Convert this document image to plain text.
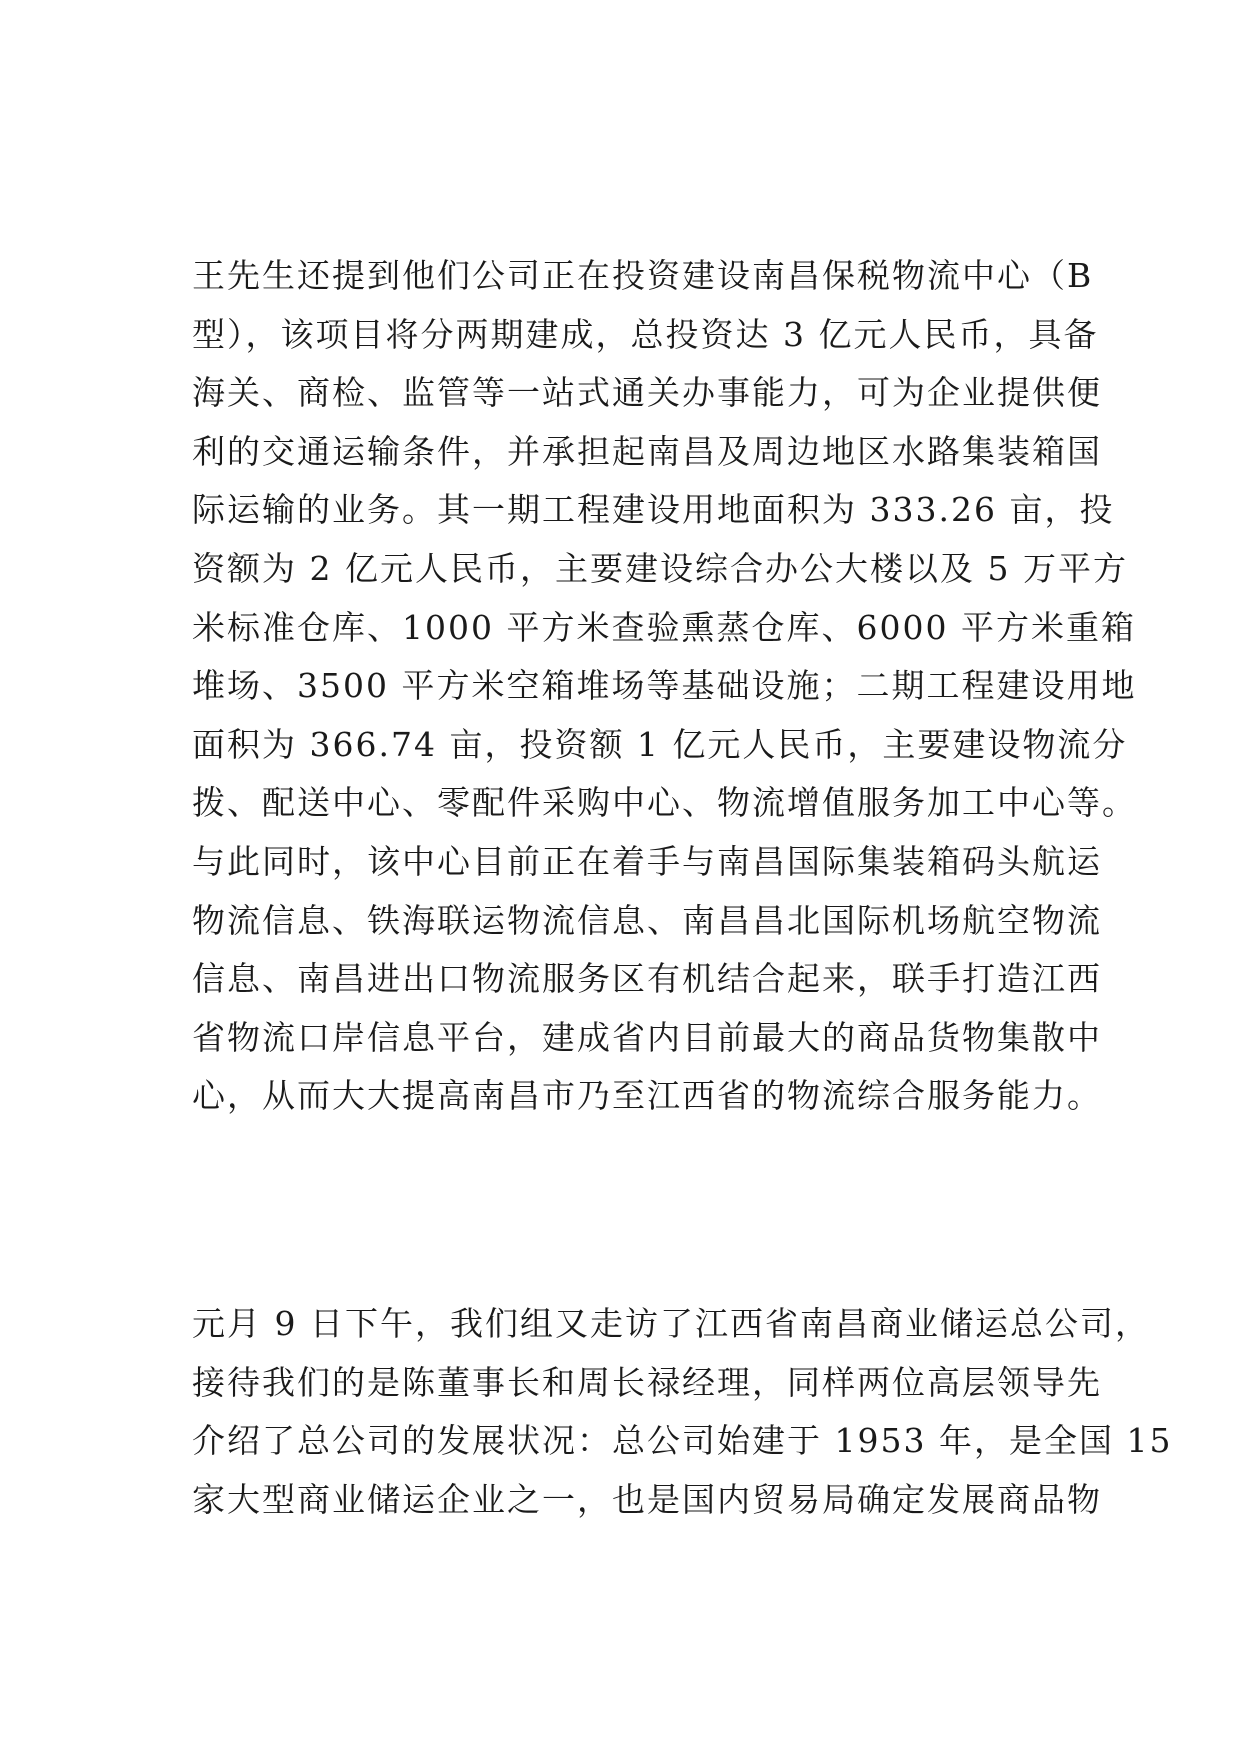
王先生还提到他们公司正在投资建设南昌保税物流中心（B
型），该项目将分两期建成，总投资达 3 亿元人民币，具备
海关、商检、监管等一站式通关办事能力，可为企业提供便
利的交通运输条件，并承担起南昌及周边地区水路集装箱国
际运输的业务。其一期工程建设用地面积为 333.26 亩，投
资额为 2 亿元人民币，主要建设综合办公大楼以及 5 万平方
米标准仓库、1000 平方米查验熏蒸仓库、6000 平方米重箱
堆场、3500 平方米空箱堆场等基础设施；二期工程建设用地
面积为 366.74 亩，投资额 1 亿元人民币，主要建设物流分
拨、配送中心、零配件采购中心、物流增值服务加工中心等。
与此同时，该中心目前正在着手与南昌国际集装箱码头航运
物流信息、铁海联运物流信息、南昌昌北国际机场航空物流
信息、南昌进出口物流服务区有机结合起来，联手打造江西
省物流口岸信息平台，建成省内目前最大的商品货物集散中
心，从而大大提高南昌市乃至江西省的物流综合服务能力。
元月 9 日下午，我们组又走访了江西省南昌商业储运总公司，
接待我们的是陈董事长和周长禄经理，同样两位高层领导先
介绍了总公司的发展状况：总公司始建于 1953 年，是全国 15
家大型商业储运企业之一，也是国内贸易局确定发展商品物
